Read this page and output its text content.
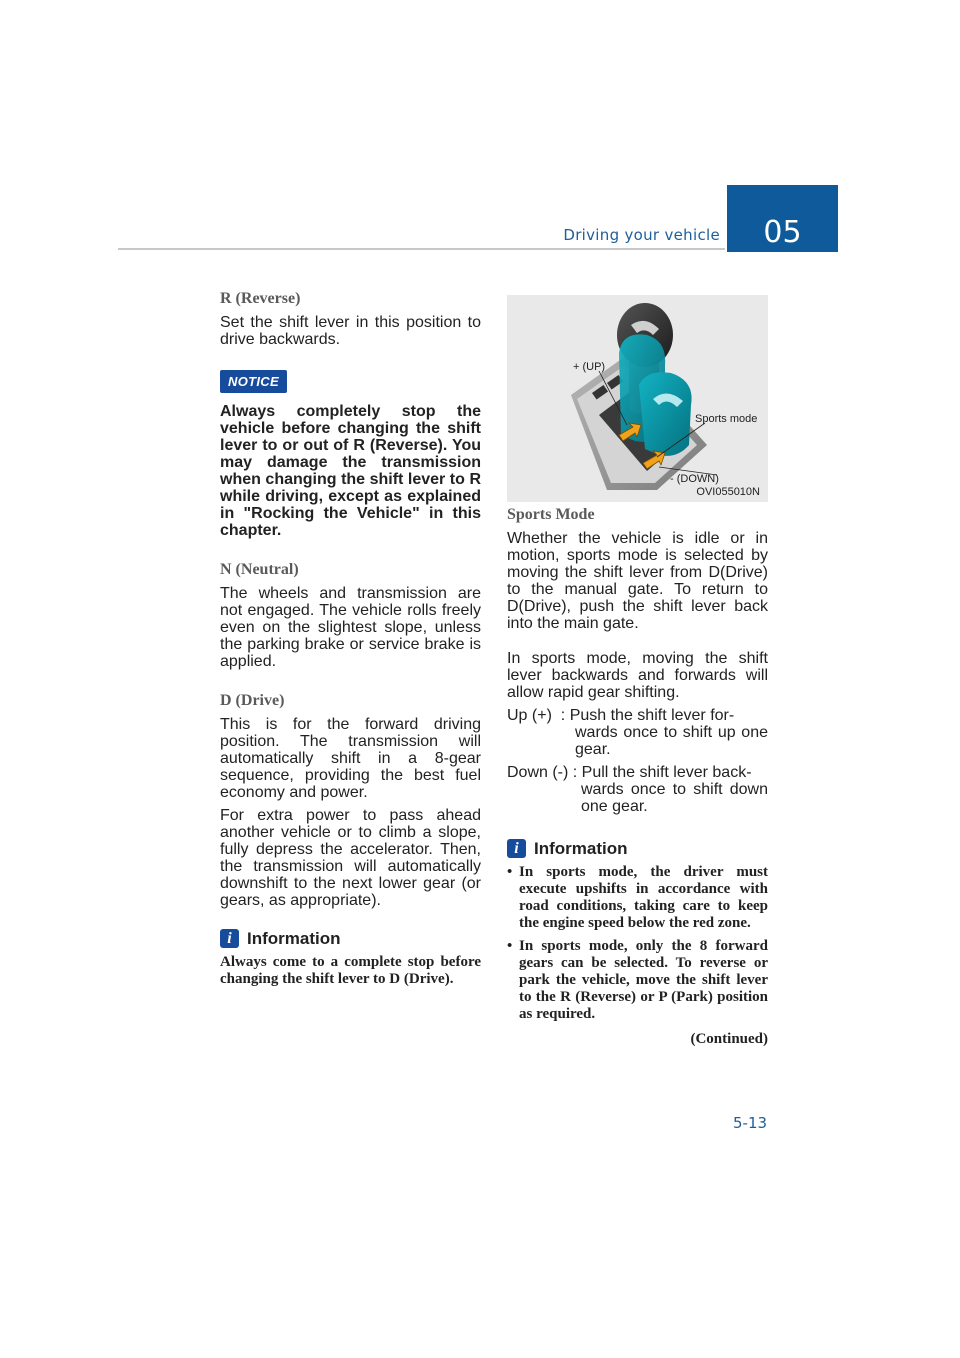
Driving your vehicle	05
R (Reverse)

Set the shift lever in this position to drive backwards.

NOTICE

Always completely stop the vehicle before changing the shift lever to or out of R (Reverse). You may damage the transmission when changing the shift lever to R while driving, except as explained in "Rocking the Vehicle" in this chapter.

N (Neutral)

The wheels and transmission are not engaged. The vehicle rolls freely even on the slightest slope, unless the parking brake or service brake is applied.

D (Drive)

This is for the forward driving position. The transmission will automatically shift in a 8-gear sequence, providing the best fuel economy and power.

For extra power to pass ahead another vehicle or to climb a slope, fully depress the accelerator. Then, the transmission will automatically downshift to the next lower gear (or gears, as appropriate).

i Information
Always come to a complete stop before changing the shift lever to D (Drive).
+ (UP)
Sports mode
- (DOWN)
OVI055010N
Sports Mode

Whether the vehicle is idle or in motion, sports mode is selected by moving the shift lever from D(Drive) to the manual gate. To return to D(Drive), push the shift lever back into the main gate.

In sports mode, moving the shift lever backwards and forwards will allow rapid gear shifting.

Up (+)  : Push the shift lever for-
wards once to shift up one gear.
Down (-) : Pull the shift lever back-
wards once to shift down one gear.
i Information
• In sports mode, the driver must execute upshifts in accordance with road conditions, taking care to keep the engine speed below the red zone.
• In sports mode, only the 8 forward gears can be selected. To reverse or park the vehicle, move the shift lever to the R (Reverse) or P (Park) position as required.
(Continued)
5-13
